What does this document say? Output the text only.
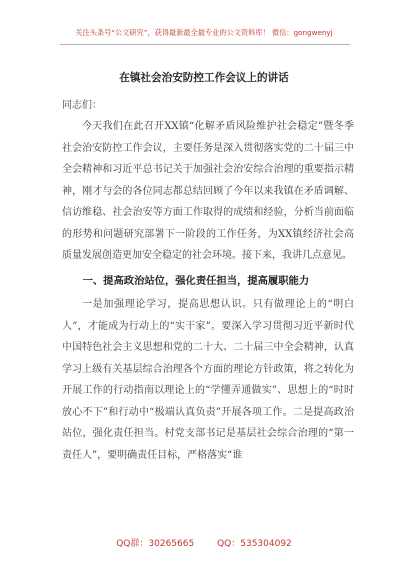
关注头条号“公文研究”，获得最新最全最专业的公文资料库！ 微信：gongwenyj
在镇社会治安防控工作会议上的讲话
同志们：

今天我们在此召开XX镇“化解矛盾风险维护社会稳定”暨冬季社会治安防控工作会议，主要任务是深入贯彻落实党的二十届三中全会精神和习近平总书记关于加强社会治安综合治理的重要指示精神，刚才与会的各位同志都总结回顾了今年以来我镇在矛盾调解、信访维稳、社会治安等方面工作取得的成绩和经验，分析当前面临的形势和问题研究部署下一阶段的工作任务，为XX镇经济社会高质量发展创造更加安全稳定的社会环境。接下来，我讲几点意见。

一、提高政治站位，强化责任担当，提高履职能力

一是加强理论学习，提高思想认识。只有做理论上的“明白人”，才能成为行动上的“实干家”。要深入学习贯彻习近平新时代中国特色社会主义思想和党的二十大、二十届三中全会精神，认真学习上级有关基层综合治理各个方面的理论方针政策，将之转化为开展工作的行动指南以理论上的“学懂弄通做实”、思想上的“时时放心不下”和行动中“极端认真负责”开展各项工作。二是提高政治站位，强化责任担当。村党支部书记是基层社会综合治理的“第一责任人”，要明确责任目标，严格落实“谁

QQ群：30265665	QQ：535304092
